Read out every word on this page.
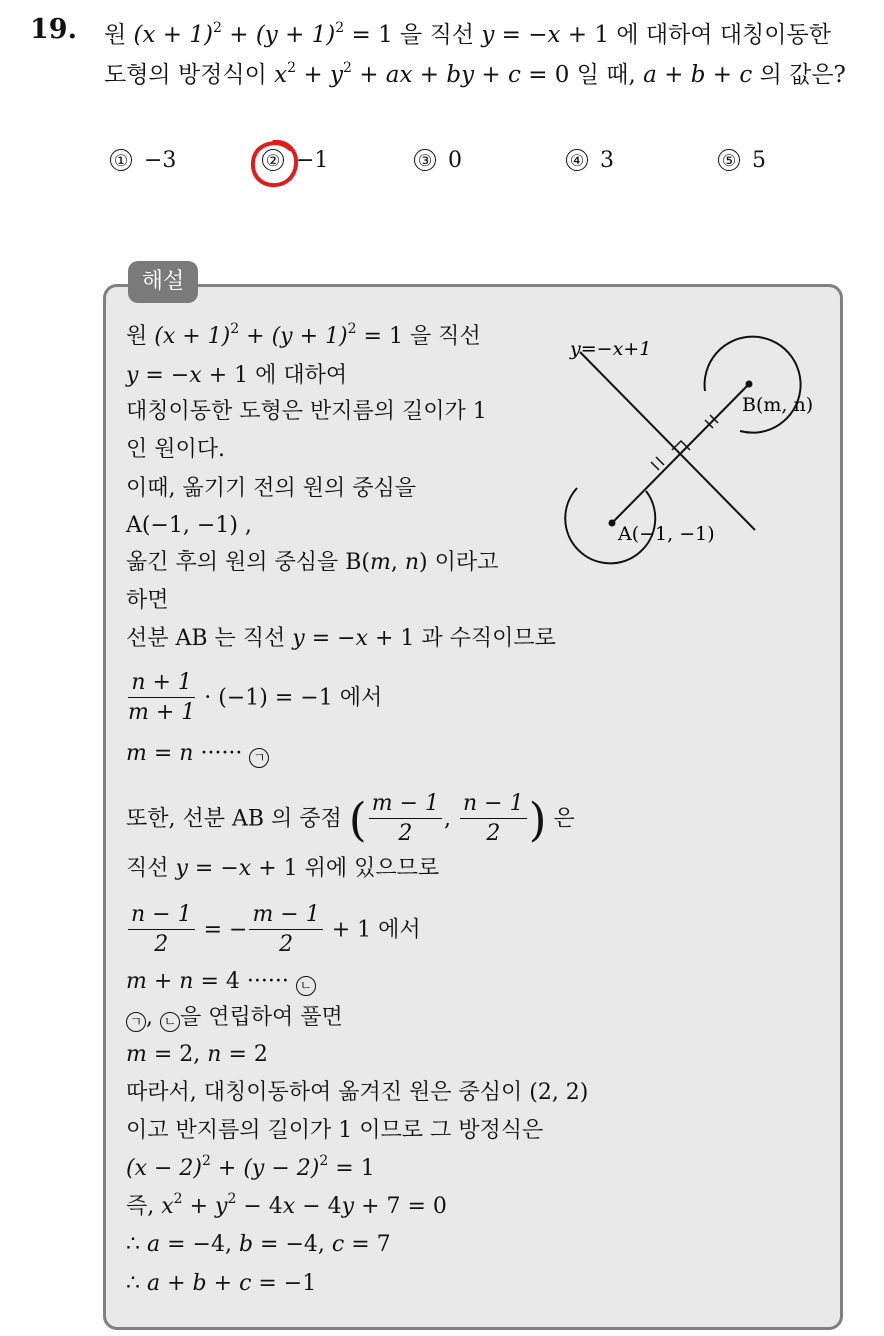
19. 원 $(x + 1)^2 + (y + 1)^2 = 1$ 을 직선 y = −x + 1 에 대하여 대칭이동한
도형의 방정식이 $x^2 + y^2$ + ax + by + c = 0 일 때, a + b + c 의 값은?
① −3	② −1	③ 0	④ 3	⑤ 5
해설
원 $(x + 1)^2 + (y + 1)^2 = 1$ 을 직선
y = −x + 1 에 대하여
대칭이동한 도형은 반지름의 길이가 1
인 원이다.
이때, 옮기기 전의 원의 중심을
A(−1, −1) ,
옮긴 후의 원의 중심을 B(m, n) 이라고
하면
선분 AB 는 직선 y = −x + 1 과 수직이므로
$\frac{n + 1}{m + 1} \cdot (-1) = -1$ 에서
m = n ······ ㄱ
또한, 선분 AB 의 중점 ( $\frac{m - 1}{2}$ , $\frac{n - 1}{2}$ ) 은
직선 y = −x + 1 위에 있으므로
$\frac{n - 1}{2}$ = − $\frac{m - 1}{2} + 1$ 에서
m + n = 4 ······ ㄴ
ㄱ , ㄴ 을 연립하여 풀면
m = 2, n = 2
따라서, 대칭이동하여 옮겨진 원은 중심이 (2, 2)
이고 반지름의 길이가 1 이므로 그 방정식은
$(x - 2)^2 + (y - 2)^2 = 1$
즉, $x^2 + y^2 - 4x - 4y + 7 = 0$
∴ a = −4, b = −4, c = 7
∴ a + b + c = −1
y=−x+1
A(−1, −1)
B(m, n)
